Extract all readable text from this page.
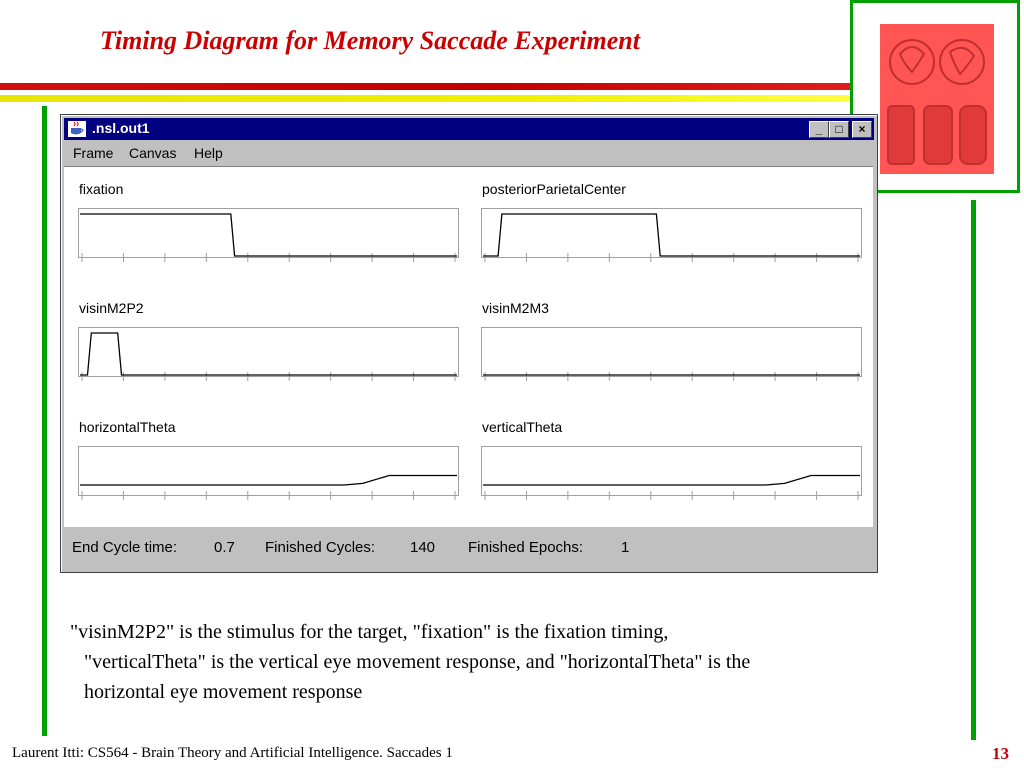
Timing Diagram for Memory Saccade Experiment
.nsl.out1	_	□	×
Frame Canvas Help
fixation	posteriorParietalCenter
visinM2P2	visinM2M3
horizontalTheta	verticalTheta
End Cycle time: 0.7 Finished Cycles: 140 Finished Epochs:	1

"visinM2P2" is the stimulus for the target, "fixation" is the fixation timing,

"verticalTheta" is the vertical eye movement response, and "horizontalTheta" is the

horizontal eye movement response

Laurent Itti: CS564 - Brain Theory and Artificial Intelligence. Saccades 1	13
